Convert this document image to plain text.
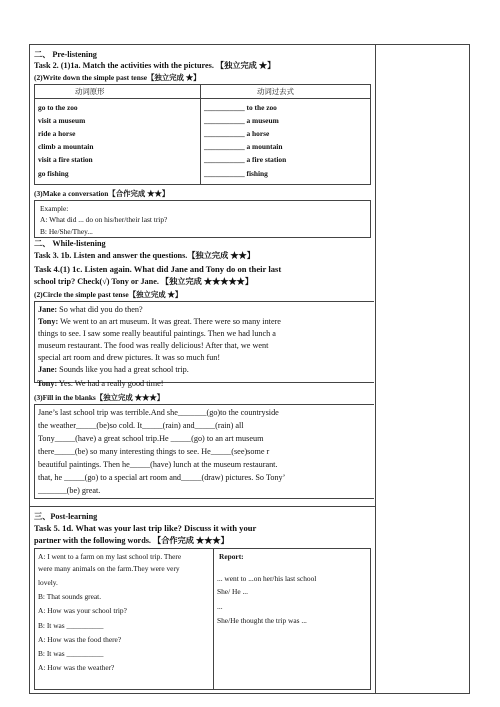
二、 Pre-listening
Task 2. (1)1a. Match the activities with the pictures. 【独立完成 ★】
(2)Write down the simple past tense【独立完成 ★】
动词原形	动词过去式
go to the zoo	___________ to the zoo
visit a museum	___________ a museum
ride a horse	___________ a horse
climb a mountain	___________ a mountain
visit a fire station	___________ a fire station
go fishing	___________ fishing
(3)Make a conversation【合作完成 ★★】
Example:
A: What did ... do on his/her/their last trip?
B: He/She/They...
二、 While-listening
Task 3. 1b. Listen and answer the questions.【独立完成 ★★】
Task 4.(1) 1c. Listen again. What did Jane and Tony do on their last
school trip? Check(√) Tony or Jane. 【独立完成 ★★★★★】
(2)Circle the simple past tense【独立完成 ★】
Jane: So what did you do then?
Tony: We went to an art museum. It was great. There were so many intere
things to see. I saw some really beautiful paintings. Then we had lunch a
museum restaurant. The food was really delicious! After that, we went
special art room and drew pictures. It was so much fun!
Jane: Sounds like you had a great school trip.
Tony: Yes. We had a really good time!
(3)Fill in the blanks【独立完成 ★★★】
Jane’s last school trip was terrible.And she_______(go)to the countryside
the weather_____(be)so cold. It_____(rain) and_____(rain) all
Tony_____(have) a great school trip.He _____(go) to an art museum
there_____(be) so many interesting things to see. He_____(see)some r
beautiful paintings. Then he_____(have) lunch at the museum restaurant.
that, he _____(go) to a special art room and_____(draw) pictures. So Tony’
_______(be) great.
三、Post-learning
Task 5. 1d. What was your last trip like? Discuss it with your
partner with the following words. 【合作完成 ★★★】
A: I went to a farm on my last school trip. There
were many animals on the farm.They were very
lovely.
B: That sounds great.
A: How was your school trip?
B: It was __________
A: How was the food there?
B: It was __________
A: How was the weather?
Report:
... went to ...on her/his last school
She/ He ...
...
She/He thought the trip was ...
